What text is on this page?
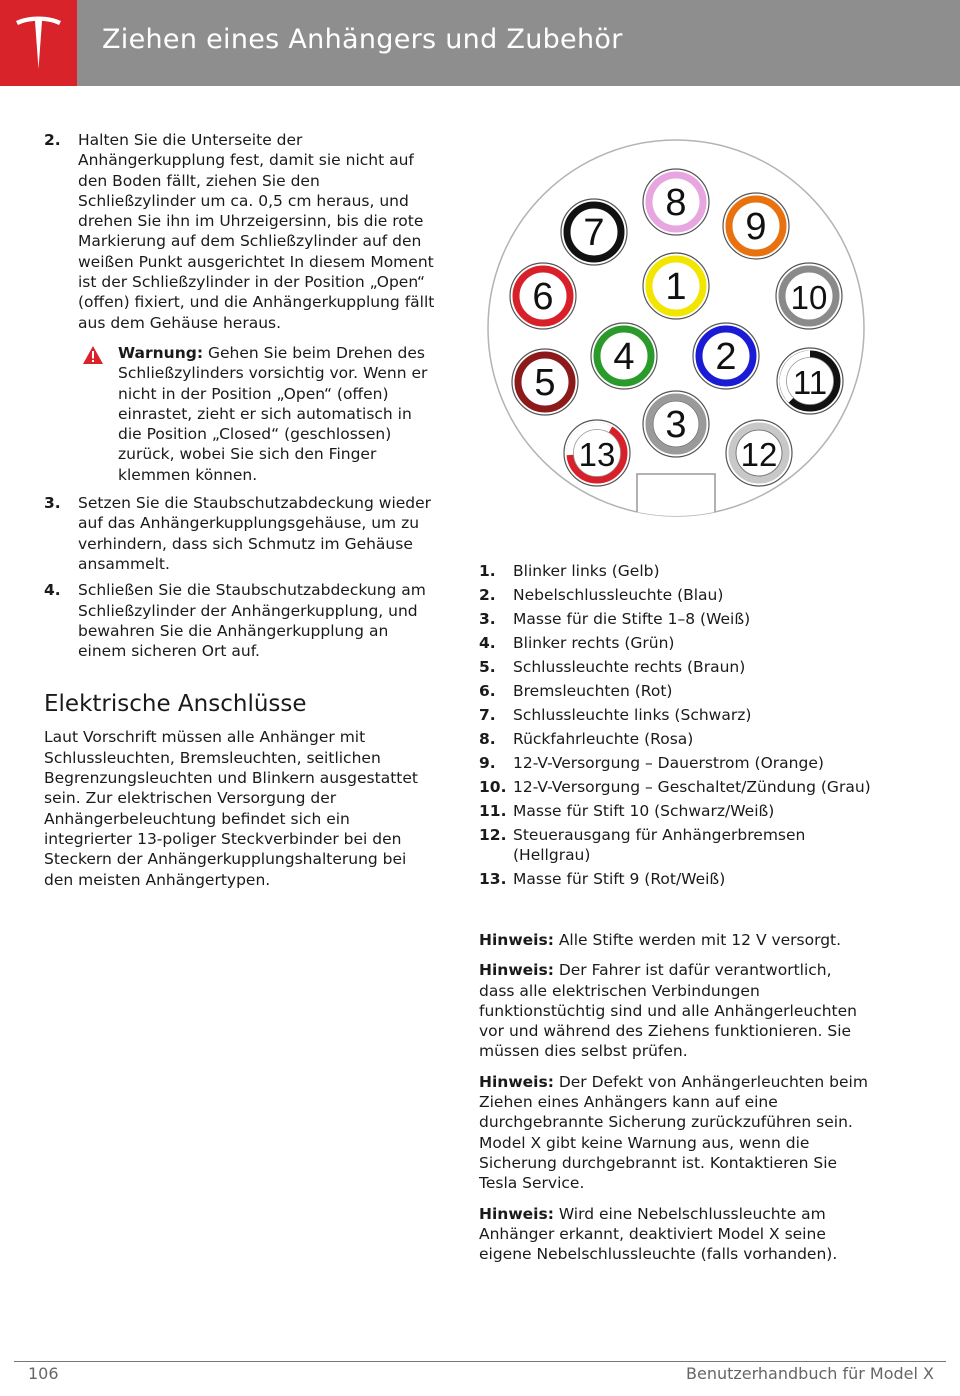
Ziehen eines Anhängers und Zubehör
2. Halten Sie die Unterseite der Anhängerkupplung fest, damit sie nicht auf den Boden fällt, ziehen Sie den Schließzylinder um ca. 0,5 cm heraus, und drehen Sie ihn im Uhrzeigersinn, bis die rote Markierung auf dem Schließzylinder auf den weißen Punkt ausgerichtet In diesem Moment ist der Schließzylinder in der Position „Open“ (offen) fixiert, und die Anhängerkupplung fällt aus dem Gehäuse heraus.
Warnung: Gehen Sie beim Drehen des Schließzylinders vorsichtig vor. Wenn er nicht in der Position „Open“ (offen) einrastet, zieht er sich automatisch in die Position „Closed“ (geschlossen) zurück, wobei Sie sich den Finger klemmen können.
3. Setzen Sie die Staubschutzabdeckung wieder auf das Anhängerkupplungsgehäuse, um zu verhindern, dass sich Schmutz im Gehäuse ansammelt.
4. Schließen Sie die Staubschutzabdeckung am Schließzylinder der Anhängerkupplung, und bewahren Sie die Anhängerkupplung an einem sicheren Ort auf.
Elektrische Anschlüsse

Laut Vorschrift müssen alle Anhänger mit Schlussleuchten, Bremsleuchten, seitlichen Begrenzungsleuchten und Blinkern ausgestattet sein. Zur elektrischen Versorgung der Anhängerbeleuchtung befindet sich ein integrierter 13-poliger Steckverbinder bei den Steckern der Anhängerkupplungshalterung bei den meisten Anhängertypen.

1
2
3
4
5
6
7
8
9
10
11
12
13
1. Blinker links (Gelb)
2. Nebelschlussleuchte (Blau)
3. Masse für die Stifte 1–8 (Weiß)
4. Blinker rechts (Grün)
5. Schlussleuchte rechts (Braun)
6. Bremsleuchten (Rot)
7. Schlussleuchte links (Schwarz)
8. Rückfahrleuchte (Rosa)
9. 12-V-Versorgung – Dauerstrom (Orange)
10. 12-V-Versorgung – Geschaltet/Zündung (Grau)
11. Masse für Stift 10 (Schwarz/Weiß)
12. Steuerausgang für Anhängerbremsen (Hellgrau)
13. Masse für Stift 9 (Rot/Weiß)
Hinweis: Alle Stifte werden mit 12 V versorgt.
Hinweis: Der Fahrer ist dafür verantwortlich, dass alle elektrischen Verbindungen funktionstüchtig sind und alle Anhängerleuchten vor und während des Ziehens funktionieren. Sie müssen dies selbst prüfen.
Hinweis: Der Defekt von Anhängerleuchten beim Ziehen eines Anhängers kann auf eine durchgebrannte Sicherung zurückzuführen sein. Model X gibt keine Warnung aus, wenn die Sicherung durchgebrannt ist. Kontaktieren Sie Tesla Service.
Hinweis: Wird eine Nebelschlussleuchte am Anhänger erkannt, deaktiviert Model X seine eigene Nebelschlussleuchte (falls vorhanden).
106	Benutzerhandbuch für Model X
